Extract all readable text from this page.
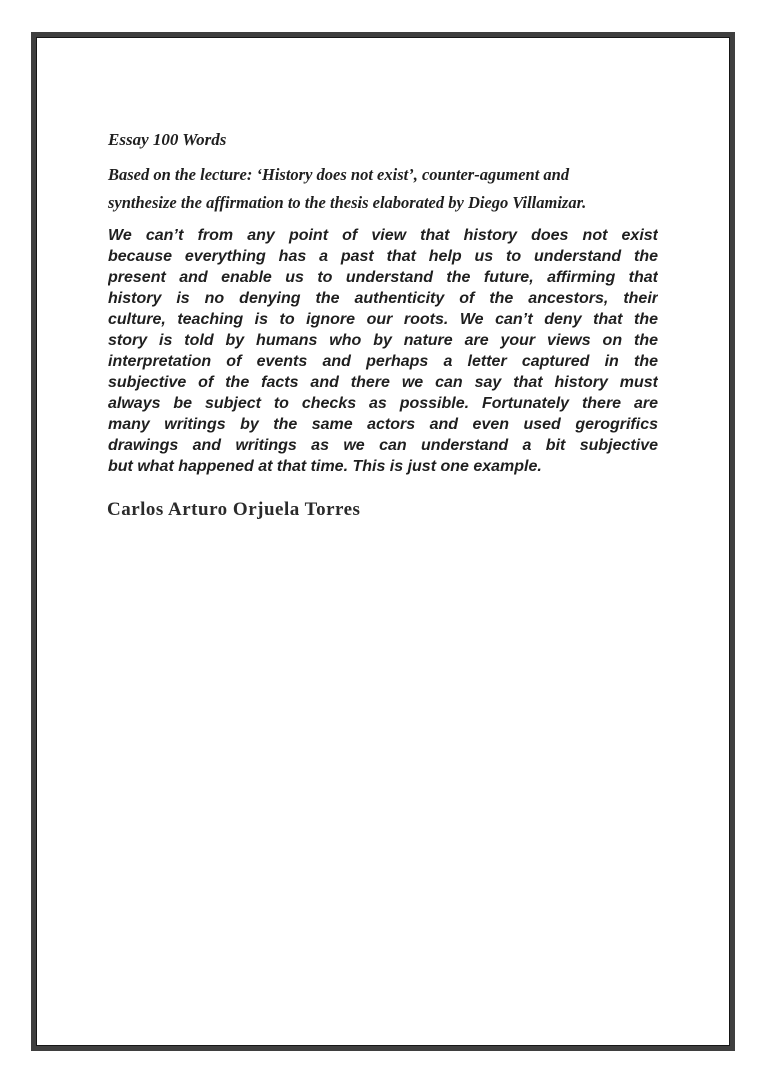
Essay 100 Words
Based on the lecture: ‘History does not exist’, counter-agument and
synthesize the affirmation to the thesis elaborated by Diego Villamizar.
We can’t from any point of view that history does not exist
because everything has a past that help us to understand the
present and enable us to understand the future, affirming that
history is no denying the authenticity of the ancestors, their
culture, teaching is to ignore our roots. We can’t deny that the
story is told by humans who by nature are your views on the
interpretation of events and perhaps a letter captured in the
subjective of the facts and there we can say that history must
always be subject to checks as possible. Fortunately there are
many writings by the same actors and even used gerogrifics
drawings and writings as we can understand a bit subjective
but what happened at that time. This is just one example.
Carlos Arturo Orjuela Torres
